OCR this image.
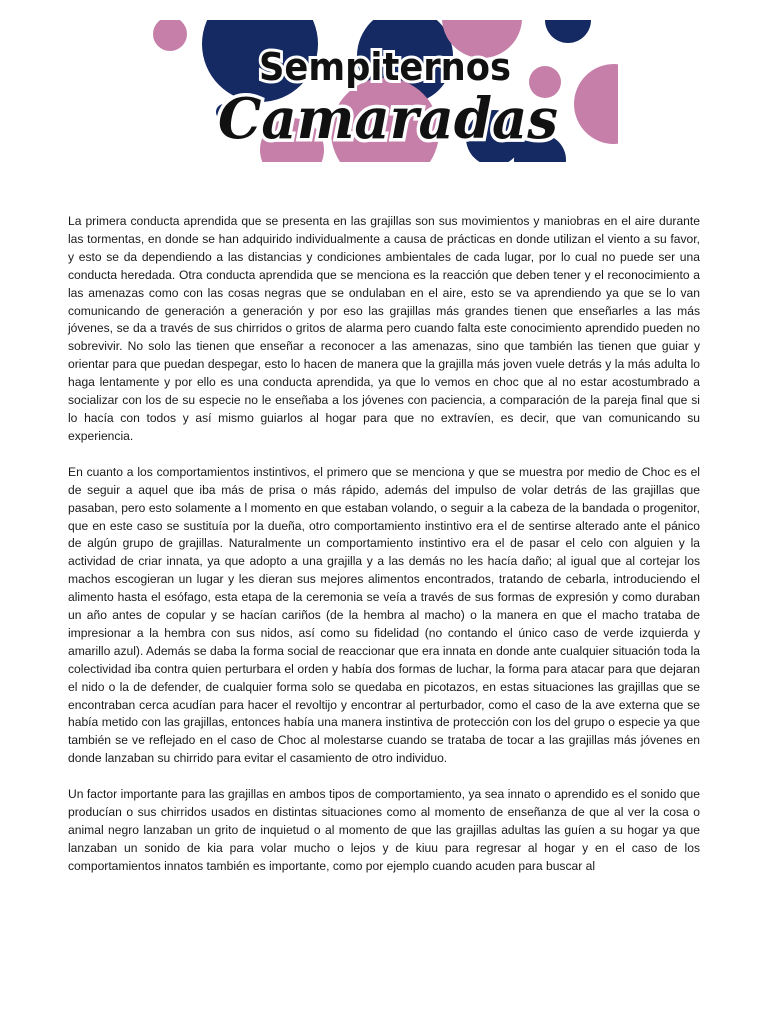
Sempiternos
Camaradas

La primera conducta aprendida que se presenta en las grajillas son sus movimientos y maniobras en el aire durante las tormentas, en donde se han adquirido individualmente a causa de prácticas en donde utilizan el viento a su favor, y esto se da dependiendo a las distancias y condiciones ambientales de cada lugar, por lo cual no puede ser una conducta heredada. Otra conducta aprendida que se menciona es la reacción que deben tener y el reconocimiento a las amenazas como con las cosas negras que se ondulaban en el aire, esto se va aprendiendo ya que se lo van comunicando de generación a generación y por eso las grajillas más grandes tienen que enseñarles a las más jóvenes, se da a través de sus chirridos o gritos de alarma pero cuando falta este conocimiento aprendido pueden no sobrevivir. No solo las tienen que enseñar a reconocer a las amenazas, sino que también las tienen que guiar y orientar para que puedan despegar, esto lo hacen de manera que la grajilla más joven vuele detrás y la más adulta lo haga lentamente y por ello es una conducta aprendida, ya que lo vemos en choc que al no estar acostumbrado a socializar con los de su especie no le enseñaba a los jóvenes con paciencia, a comparación de la pareja final que si lo hacía con todos y así mismo guiarlos al hogar para que no extravíen, es decir, que van comunicando su experiencia.

En cuanto a los comportamientos instintivos, el primero que se menciona y que se muestra por medio de Choc es el de seguir a aquel que iba más de prisa o más rápido, además del impulso de volar detrás de las grajillas que pasaban, pero esto solamente a l momento en que estaban volando, o seguir a la cabeza de la bandada o progenitor, que en este caso se sustituía por la dueña, otro comportamiento instintivo era el de sentirse alterado ante el pánico de algún grupo de grajillas. Naturalmente un comportamiento instintivo era el de pasar el celo con alguien y la actividad de criar innata, ya que adopto a una grajilla y a las demás no les hacía daño; al igual que al cortejar los machos escogieran un lugar y les dieran sus mejores alimentos encontrados, tratando de cebarla, introduciendo el alimento hasta el esófago, esta etapa de la ceremonia se veía a través de sus formas de expresión y como duraban un año antes de copular y se hacían cariños (de la hembra al macho) o la manera en que el macho trataba de impresionar a la hembra con sus nidos, así como su fidelidad (no contando el único caso de verde izquierda y amarillo azul). Además se daba la forma social de reaccionar que era innata en donde ante cualquier situación toda la colectividad iba contra quien perturbara el orden y había dos formas de luchar, la forma para atacar para que dejaran el nido o la de defender, de cualquier forma solo se quedaba en picotazos, en estas situaciones las grajillas que se encontraban cerca acudían para hacer el revoltijo y encontrar al perturbador, como el caso de la ave externa que se había metido con las grajillas, entonces había una manera instintiva de protección con los del grupo o especie ya que también se ve reflejado en el caso de Choc al molestarse cuando se trataba de tocar a las grajillas más jóvenes en donde lanzaban su chirrido para evitar el casamiento de otro individuo.

Un factor importante para las grajillas en ambos tipos de comportamiento, ya sea innato o aprendido es el sonido que producían o sus chirridos usados en distintas situaciones como al momento de enseñanza de que al ver la cosa o animal negro lanzaban un grito de inquietud o al momento de que las grajillas adultas las guíen a su hogar ya que lanzaban un sonido de kia para volar mucho o lejos y de kiuu para regresar al hogar y en el caso de los comportamientos innatos también es importante, como por ejemplo cuando acuden para buscar al
